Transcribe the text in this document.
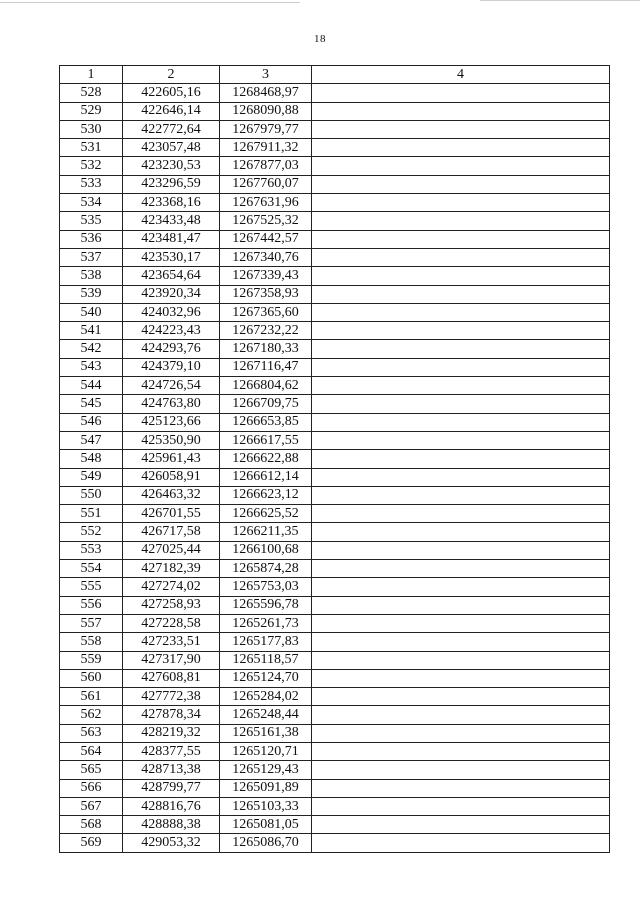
18
1	2	3	4
528	422605,16	1268468,97	
529	422646,14	1268090,88	
530	422772,64	1267979,77	
531	423057,48	1267911,32	
532	423230,53	1267877,03	
533	423296,59	1267760,07	
534	423368,16	1267631,96	
535	423433,48	1267525,32	
536	423481,47	1267442,57	
537	423530,17	1267340,76	
538	423654,64	1267339,43	
539	423920,34	1267358,93	
540	424032,96	1267365,60	
541	424223,43	1267232,22	
542	424293,76	1267180,33	
543	424379,10	1267116,47	
544	424726,54	1266804,62	
545	424763,80	1266709,75	
546	425123,66	1266653,85	
547	425350,90	1266617,55	
548	425961,43	1266622,88	
549	426058,91	1266612,14	
550	426463,32	1266623,12	
551	426701,55	1266625,52	
552	426717,58	1266211,35	
553	427025,44	1266100,68	
554	427182,39	1265874,28	
555	427274,02	1265753,03	
556	427258,93	1265596,78	
557	427228,58	1265261,73	
558	427233,51	1265177,83	
559	427317,90	1265118,57	
560	427608,81	1265124,70	
561	427772,38	1265284,02	
562	427878,34	1265248,44	
563	428219,32	1265161,38	
564	428377,55	1265120,71	
565	428713,38	1265129,43	
566	428799,77	1265091,89	
567	428816,76	1265103,33	
568	428888,38	1265081,05	
569	429053,32	1265086,70	
